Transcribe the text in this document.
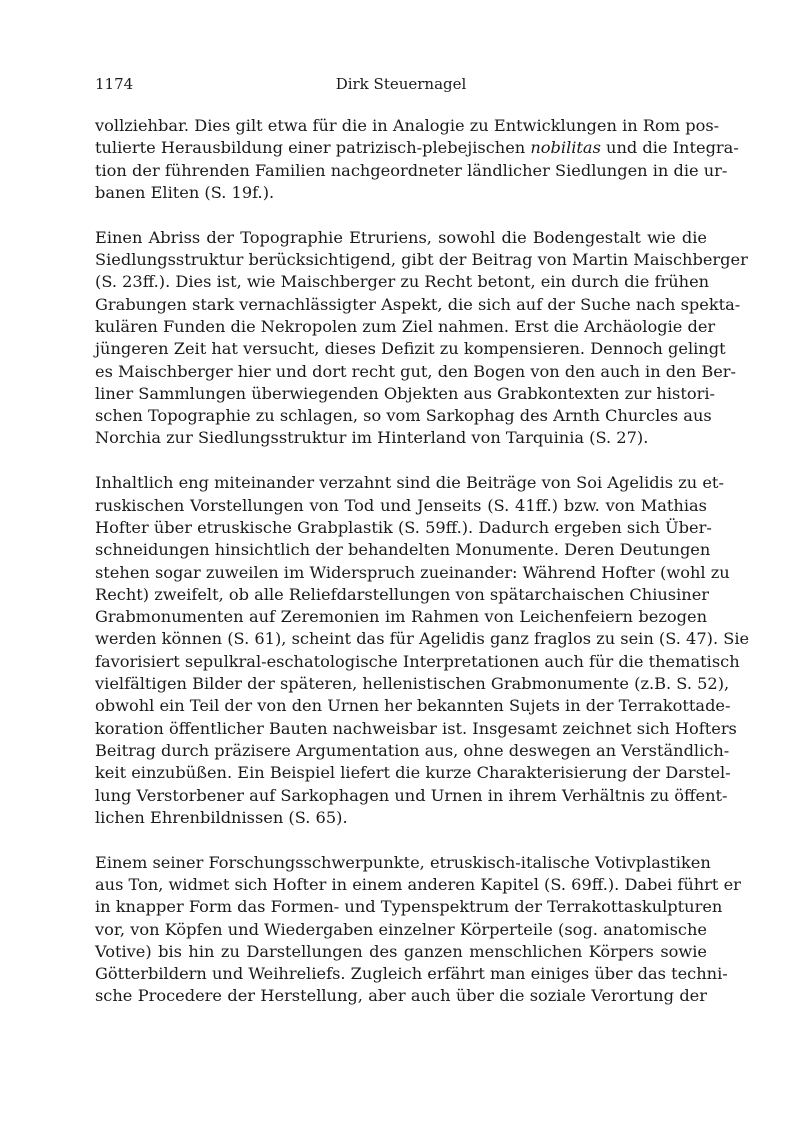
1174	Dirk Steuernagel

vollziehbar. Dies gilt etwa für die in Analogie zu Entwicklungen in Rom pos-
tulierte Herausbildung einer patrizisch-plebejischen nobilitas und die Integra-
tion der führenden Familien nachgeordneter ländlicher Siedlungen in die ur-
banen Eliten (S. 19f.).

Einen Abriss der Topographie Etruriens, sowohl die Bodengestalt wie die
Siedlungsstruktur berücksichtigend, gibt der Beitrag von Martin Maischberger
(S. 23ff.). Dies ist, wie Maischberger zu Recht betont, ein durch die frühen
Grabungen stark vernachlässigter Aspekt, die sich auf der Suche nach spekta-
kulären Funden die Nekropolen zum Ziel nahmen. Erst die Archäologie der
jüngeren Zeit hat versucht, dieses Defizit zu kompensieren. Dennoch gelingt
es Maischberger hier und dort recht gut, den Bogen von den auch in den Ber-
liner Sammlungen überwiegenden Objekten aus Grabkontexten zur histori-
schen Topographie zu schlagen, so vom Sarkophag des Arnth Churcles aus
Norchia zur Siedlungsstruktur im Hinterland von Tarquinia (S. 27).

Inhaltlich eng miteinander verzahnt sind die Beiträge von Soi Agelidis zu et-
ruskischen Vorstellungen von Tod und Jenseits (S. 41ff.) bzw. von Mathias
Hofter über etruskische Grabplastik (S. 59ff.). Dadurch ergeben sich Über-
schneidungen hinsichtlich der behandelten Monumente. Deren Deutungen
stehen sogar zuweilen im Widerspruch zueinander: Während Hofter (wohl zu
Recht) zweifelt, ob alle Reliefdarstellungen von spätarchaischen Chiusiner
Grabmonumenten auf Zeremonien im Rahmen von Leichenfeiern bezogen
werden können (S. 61), scheint das für Agelidis ganz fraglos zu sein (S. 47). Sie
favorisiert sepulkral-eschatologische Interpretationen auch für die thematisch
vielfältigen Bilder der späteren, hellenistischen Grabmonumente (z.B. S. 52),
obwohl ein Teil der von den Urnen her bekannten Sujets in der Terrakottade-
koration öffentlicher Bauten nachweisbar ist. Insgesamt zeichnet sich Hofters
Beitrag durch präzisere Argumentation aus, ohne deswegen an Verständlich-
keit einzubüßen. Ein Beispiel liefert die kurze Charakterisierung der Darstel-
lung Verstorbener auf Sarkophagen und Urnen in ihrem Verhältnis zu öffent-
lichen Ehrenbildnissen (S. 65).

Einem seiner Forschungsschwerpunkte, etruskisch-italische Votivplastiken
aus Ton, widmet sich Hofter in einem anderen Kapitel (S. 69ff.). Dabei führt er
in knapper Form das Formen- und Typenspektrum der Terrakottaskulpturen
vor, von Köpfen und Wiedergaben einzelner Körperteile (sog. anatomische
Votive) bis hin zu Darstellungen des ganzen menschlichen Körpers sowie
Götterbildern und Weihreliefs. Zugleich erfährt man einiges über das techni-
sche Procedere der Herstellung, aber auch über die soziale Verortung der
